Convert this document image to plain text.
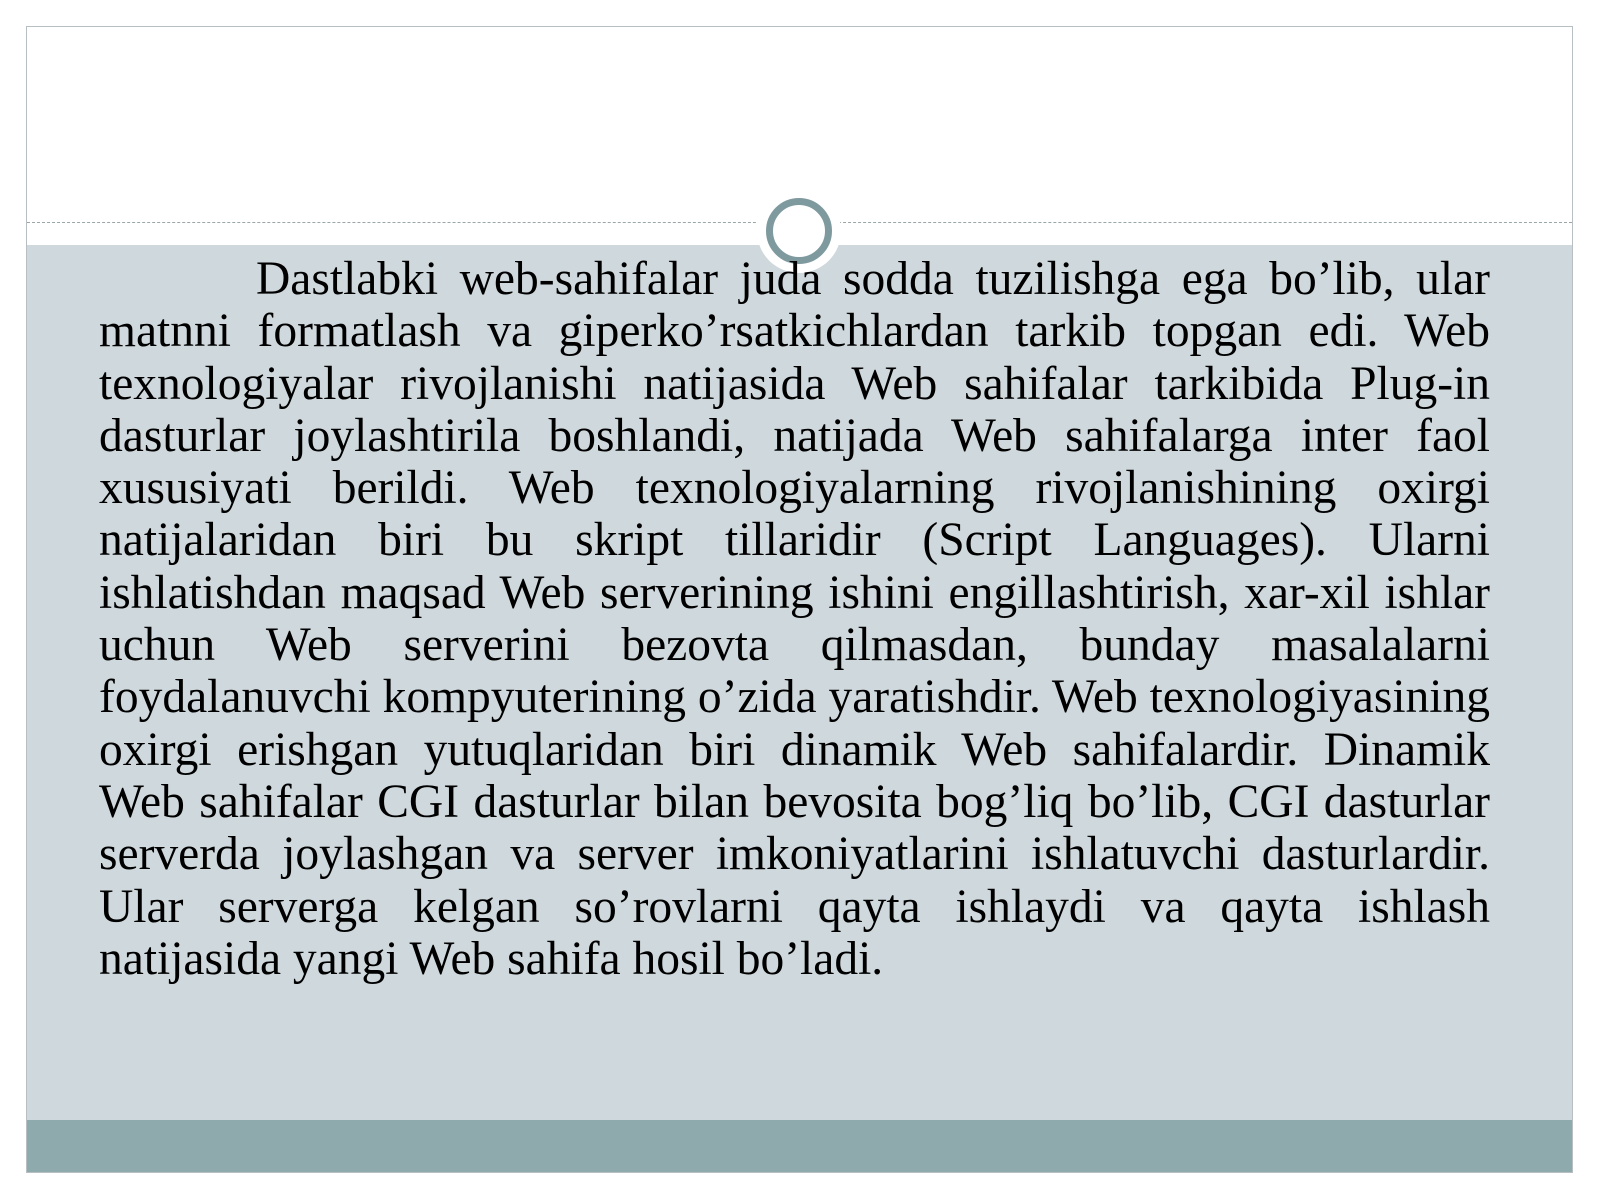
Dastlabki web-sahifalar juda sodda tuzilishga ega bo’lib, ular matnni formatlash va giperko’rsatkichlardan tarkib topgan edi. Web texnologiyalar rivojlanishi natijasida Web sahifalar tarkibida Plug-in dasturlar joylashtirila boshlandi, natijada Web sahifalarga inter faol xususiyati berildi. Web texnologiyalarning rivojlanishining oxirgi natijalaridan biri bu skript tillaridir (Script Languages). Ularni ishlatishdan maqsad Web serverining ishini engillashtirish, xar-xil ishlar uchun Web serverini bezovta qilmasdan, bunday masalalarni foydalanuvchi kompyuterining o’zida yaratishdir. Web texnologiyasining oxirgi erishgan yutuqlaridan biri dinamik Web sahifalardir. Dinamik Web sahifalar CGI dasturlar bilan bevosita bog’liq bo’lib, CGI dasturlar serverda joylashgan va server imkoniyatlarini ishlatuvchi dasturlardir. Ular serverga kelgan so’rovlarni qayta ishlaydi va qayta ishlash natijasida yangi Web sahifa hosil bo’ladi.
